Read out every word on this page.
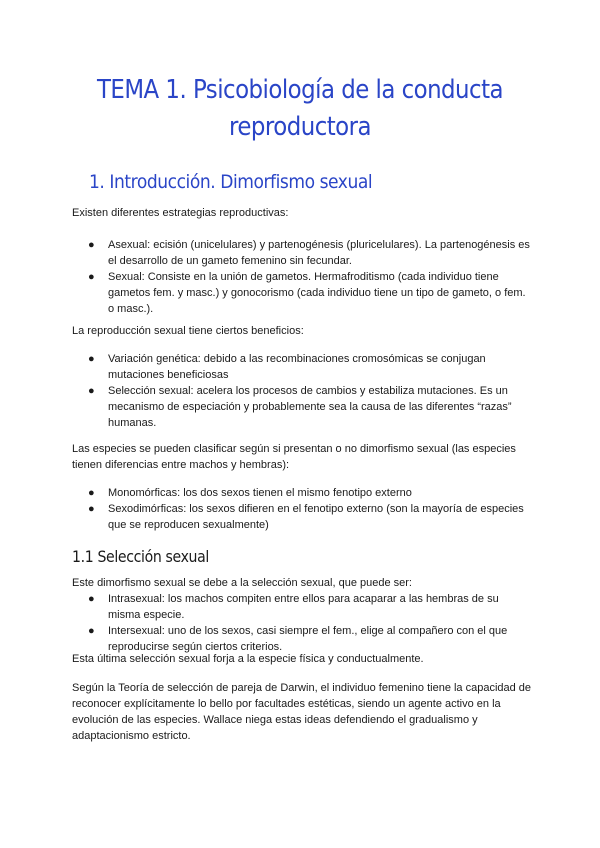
TEMA 1. Psicobiología de la conducta reproductora
1. Introducción. Dimorfismo sexual

Existen diferentes estrategias reproductivas:

● Asexual: ecisión (unicelulares) y partenogénesis (pluricelulares). La partenogénesis es el desarrollo de un gameto femenino sin fecundar.
● Sexual: Consiste en la unión de gametos. Hermafroditismo (cada individuo tiene gametos fem. y masc.) y gonocorismo (cada individuo tiene un tipo de gameto, o fem. o masc.).

La reproducción sexual tiene ciertos beneficios:

● Variación genética: debido a las recombinaciones cromosómicas se conjugan mutaciones beneficiosas
● Selección sexual: acelera los procesos de cambios y estabiliza mutaciones. Es un mecanismo de especiación y probablemente sea la causa de las diferentes “razas” humanas.

Las especies se pueden clasificar según si presentan o no dimorfismo sexual (las especies tienen diferencias entre machos y hembras):

● Monomórficas: los dos sexos tienen el mismo fenotipo externo
● Sexodimórficas: los sexos difieren en el fenotipo externo (son la mayoría de especies que se reproducen sexualmente)
1.1 Selección sexual

Este dimorfismo sexual se debe a la selección sexual, que puede ser:

● Intrasexual: los machos compiten entre ellos para acaparar a las hembras de su misma especie.
● Intersexual: uno de los sexos, casi siempre el fem., elige al compañero con el que reproducirse según ciertos criterios.

Esta última selección sexual forja a la especie física y conductualmente.

Según la Teoría de selección de pareja de Darwin, el individuo femenino tiene la capacidad de reconocer explícitamente lo bello por facultades estéticas, siendo un agente activo en la evolución de las especies. Wallace niega estas ideas defendiendo el gradualismo y adaptacionismo estricto.
